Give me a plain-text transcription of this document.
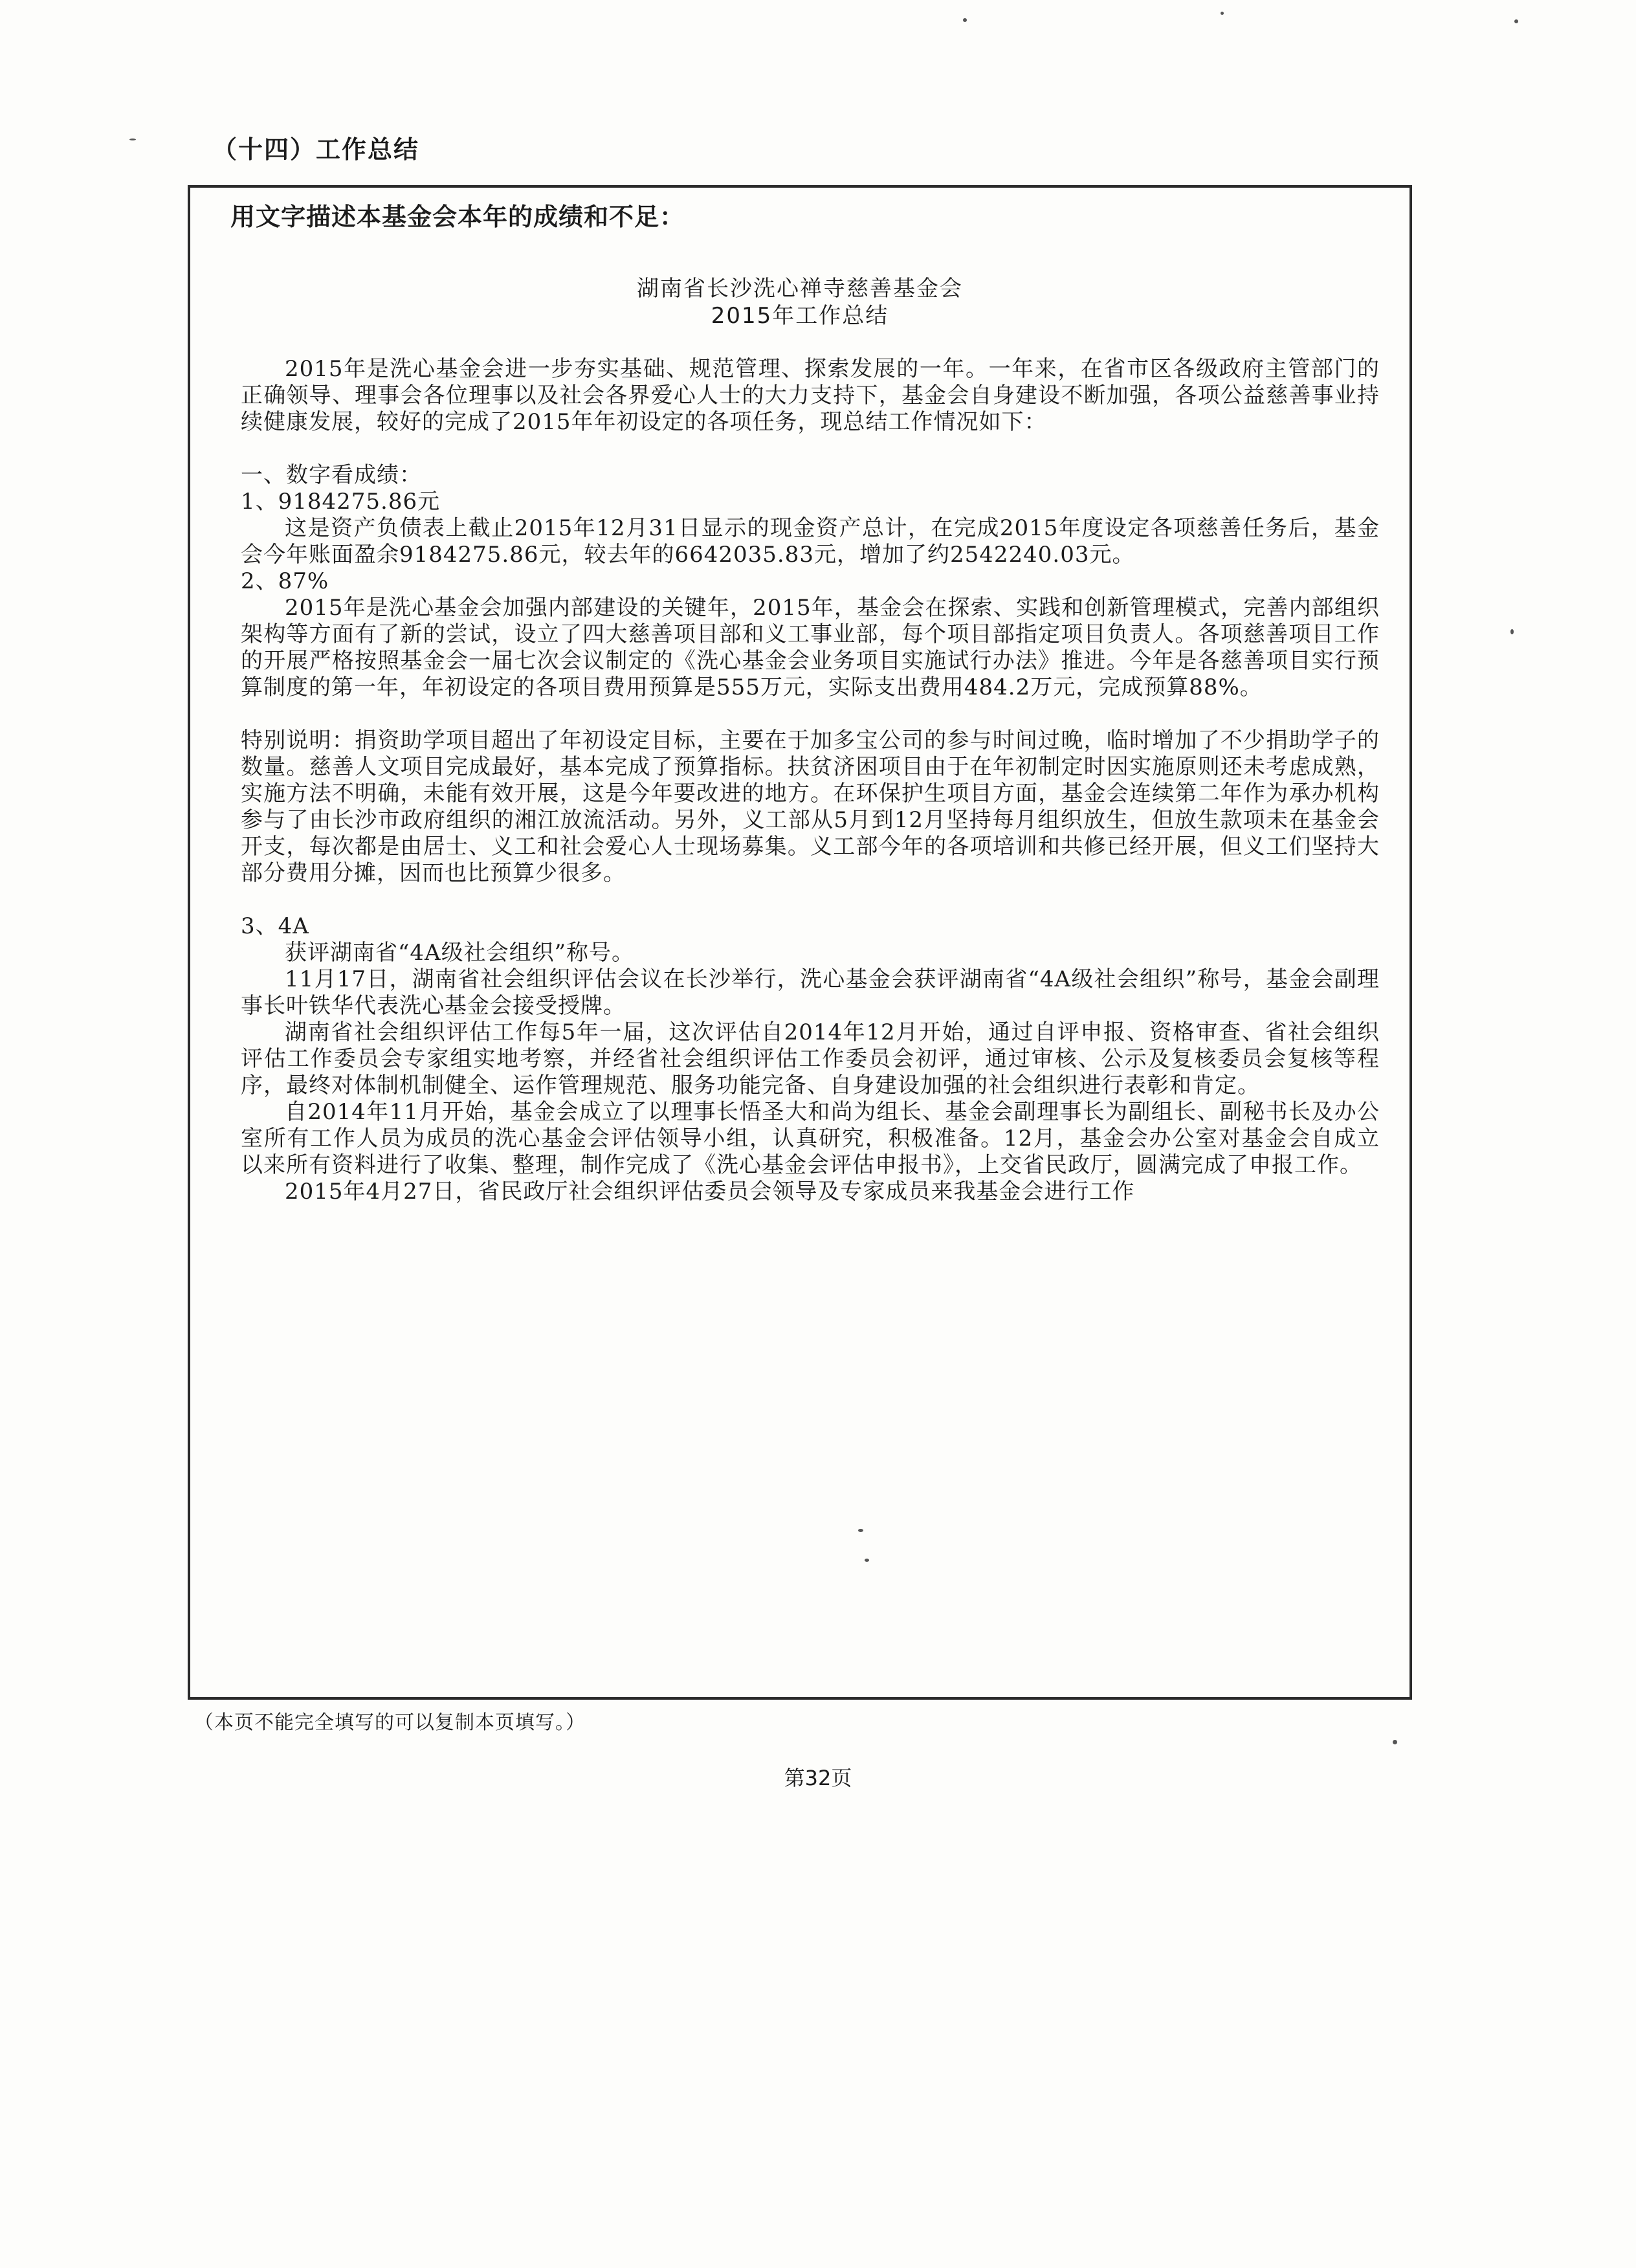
（十四）工作总结
用文字描述本基金会本年的成绩和不足：
湖南省长沙洗心禅寺慈善基金会
2015年工作总结

2015年是洗心基金会进一步夯实基础、规范管理、探索发展的一年。一年来，在省市区各级政府主管部门的正确领导、理事会各位理事以及社会各界爱心人士的大力支持下，基金会自身建设不断加强，各项公益慈善事业持续健康发展，较好的完成了2015年年初设定的各项任务，现总结工作情况如下：

一、数字看成绩：

1、9184275.86元

这是资产负债表上截止2015年12月31日显示的现金资产总计，在完成2015年度设定各项慈善任务后，基金会今年账面盈余9184275.86元，较去年的6642035.83元，增加了约2542240.03元。

2、87%

2015年是洗心基金会加强内部建设的关键年，2015年，基金会在探索、实践和创新管理模式，完善内部组织架构等方面有了新的尝试，设立了四大慈善项目部和义工事业部，每个项目部指定项目负责人。各项慈善项目工作的开展严格按照基金会一届七次会议制定的《洗心基金会业务项目实施试行办法》推进。今年是各慈善项目实行预算制度的第一年，年初设定的各项目费用预算是555万元，实际支出费用484.2万元，完成预算88%。

特别说明：捐资助学项目超出了年初设定目标，主要在于加多宝公司的参与时间过晚，临时增加了不少捐助学子的数量。慈善人文项目完成最好，基本完成了预算指标。扶贫济困项目由于在年初制定时因实施原则还未考虑成熟，实施方法不明确，未能有效开展，这是今年要改进的地方。在环保护生项目方面，基金会连续第二年作为承办机构参与了由长沙市政府组织的湘江放流活动。另外，义工部从5月到12月坚持每月组织放生，但放生款项未在基金会开支，每次都是由居士、义工和社会爱心人士现场募集。义工部今年的各项培训和共修已经开展，但义工们坚持大部分费用分摊，因而也比预算少很多。

3、4A

获评湖南省“4A级社会组织”称号。

11月17日，湖南省社会组织评估会议在长沙举行，洗心基金会获评湖南省“4A级社会组织”称号，基金会副理事长叶铁华代表洗心基金会接受授牌。

湖南省社会组织评估工作每5年一届，这次评估自2014年12月开始，通过自评申报、资格审查、省社会组织评估工作委员会专家组实地考察，并经省社会组织评估工作委员会初评，通过审核、公示及复核委员会复核等程序，最终对体制机制健全、运作管理规范、服务功能完备、自身建设加强的社会组织进行表彰和肯定。

自2014年11月开始，基金会成立了以理事长悟圣大和尚为组长、基金会副理事长为副组长、副秘书长及办公室所有工作人员为成员的洗心基金会评估领导小组，认真研究，积极准备。12月，基金会办公室对基金会自成立以来所有资料进行了收集、整理，制作完成了《洗心基金会评估申报书》，上交省民政厅，圆满完成了申报工作。

2015年4月27日，省民政厅社会组织评估委员会领导及专家成员来我基金会进行工作

（本页不能完全填写的可以复制本页填写。）
第32页
